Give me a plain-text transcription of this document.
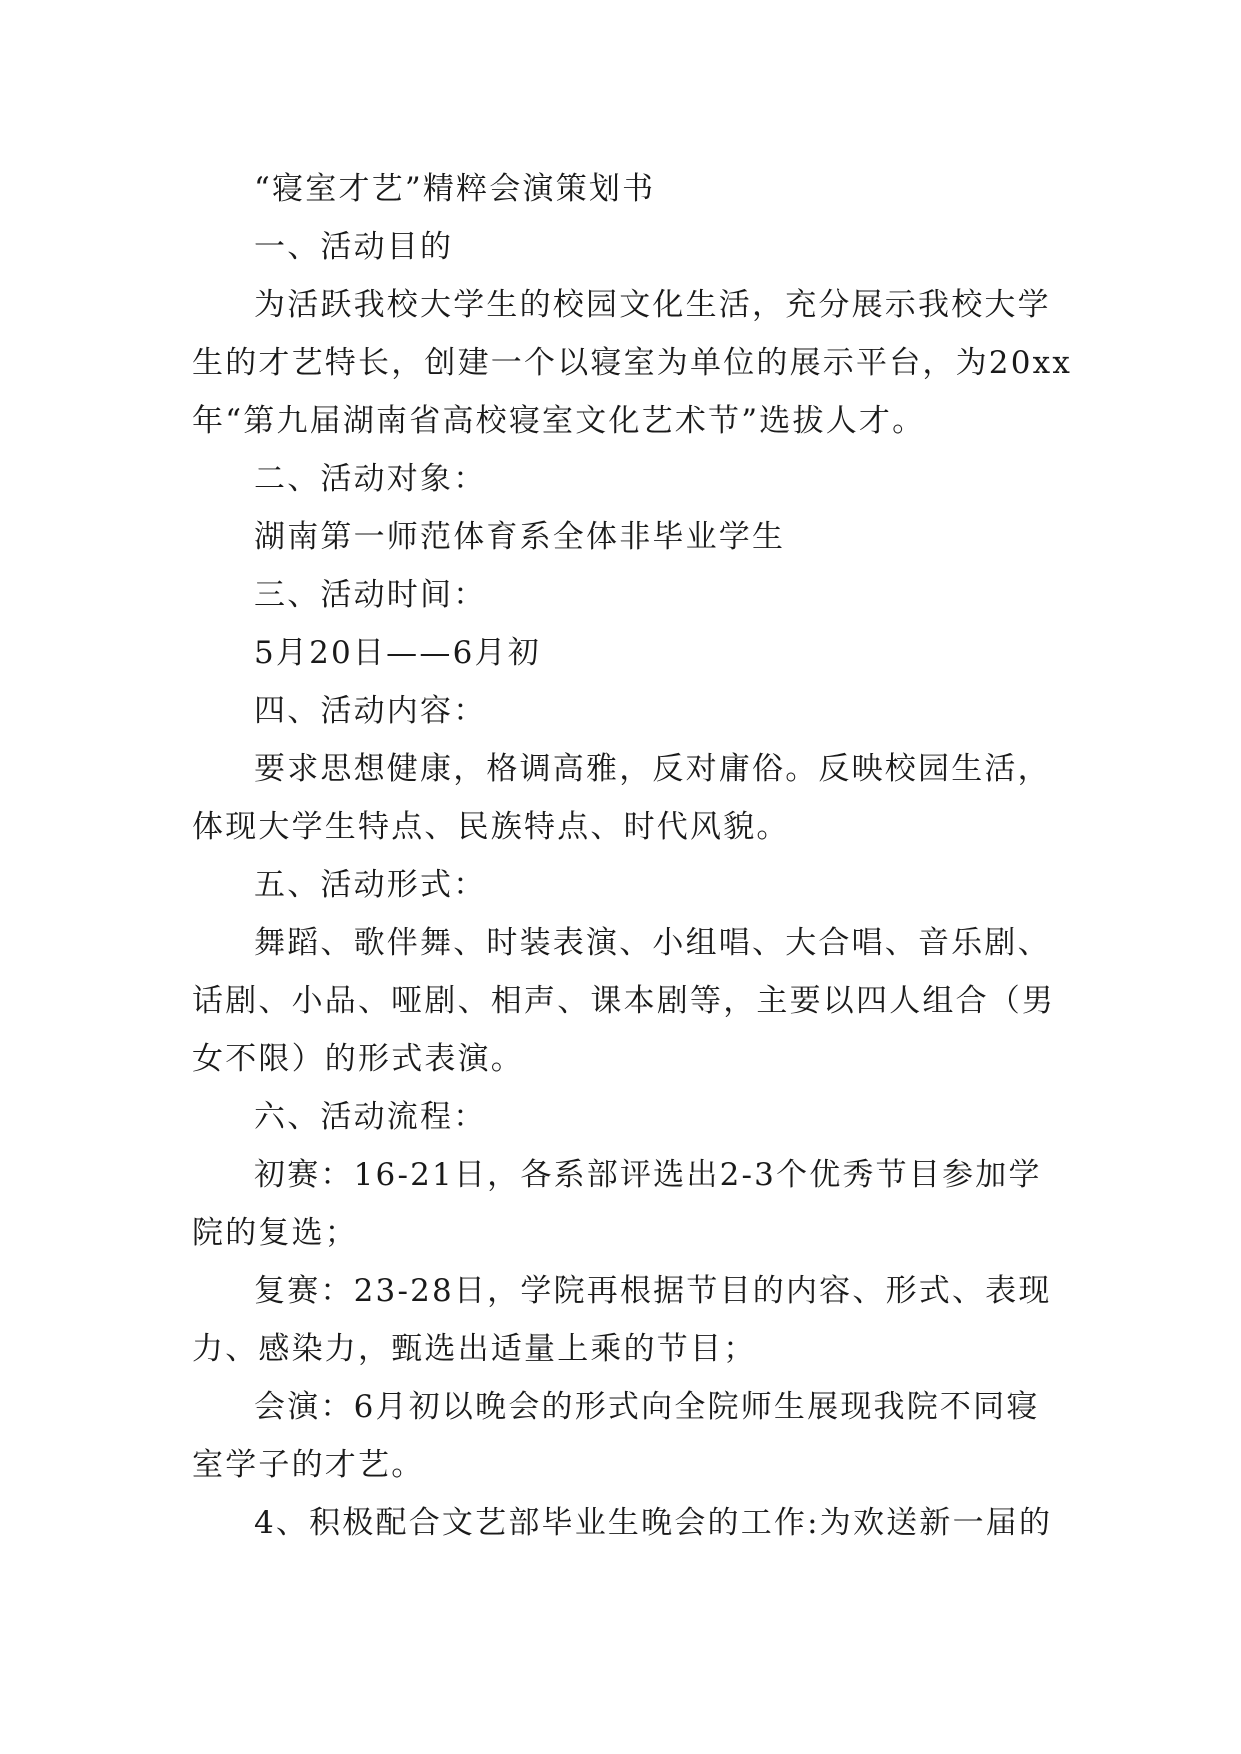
“寝室才艺”精粹会演策划书

一、活动目的

为活跃我校大学生的校园文化生活，充分展示我校大学生的才艺特长，创建一个以寝室为单位的展示平台，为20xx年“第九届湖南省高校寝室文化艺术节”选拔人才。

二、活动对象：

湖南第一师范体育系全体非毕业学生

三、活动时间：

5月20日——6月初

四、活动内容：

要求思想健康，格调高雅，反对庸俗。反映校园生活，体现大学生特点、民族特点、时代风貌。

五、活动形式：

舞蹈、歌伴舞、时装表演、小组唱、大合唱、音乐剧、话剧、小品、哑剧、相声、课本剧等，主要以四人组合（男女不限）的形式表演。

六、活动流程：

初赛：16-21日，各系部评选出2-3个优秀节目参加学院的复选；

复赛：23-28日，学院再根据节目的内容、形式、表现力、感染力，甄选出适量上乘的节目；

会演：6月初以晚会的形式向全院师生展现我院不同寝室学子的才艺。

4、积极配合文艺部毕业生晚会的工作:为欢送新一届的
